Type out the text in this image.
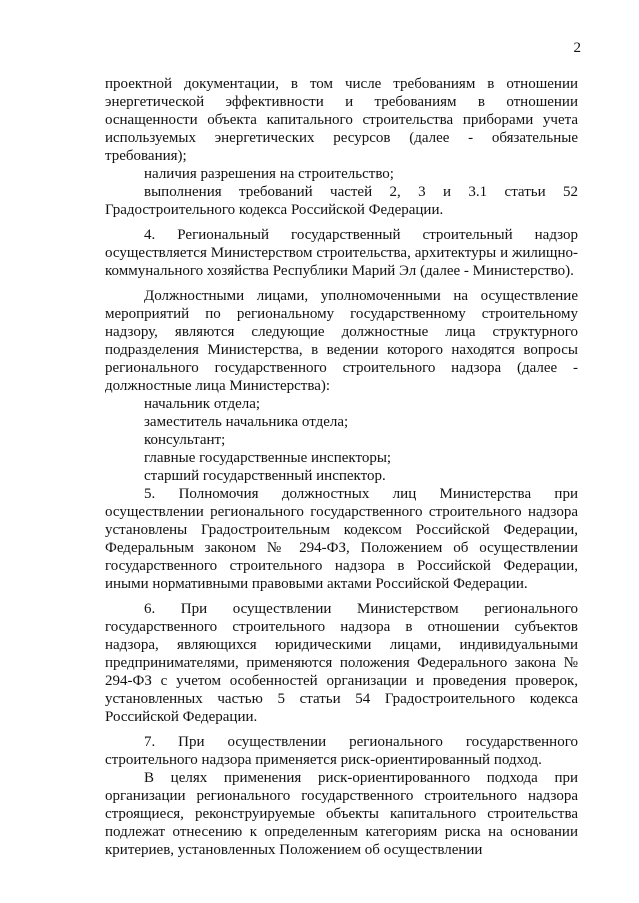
2

проектной документации, в том числе требованиям в отношении энергетической эффективности и требованиям в отношении оснащенности объекта капитального строительства приборами учета используемых энергетических ресурсов (далее - обязательные требования);

наличия разрешения на строительство;

выполнения требований частей 2, 3 и 3.1 статьи 52 Градостроительного кодекса Российской Федерации.

4. Региональный государственный строительный надзор осуществляется Министерством строительства, архитектуры и жилищно-коммунального хозяйства Республики Марий Эл (далее - Министерство).

Должностными лицами, уполномоченными на осуществление мероприятий по региональному государственному строительному надзору, являются следующие должностные лица структурного подразделения Министерства, в ведении которого находятся вопросы регионального государственного строительного надзора (далее - должностные лица Министерства):

начальник отдела;

заместитель начальника отдела;

консультант;

главные государственные инспекторы;

старший государственный инспектор.

5. Полномочия должностных лиц Министерства при осуществлении регионального государственного строительного надзора установлены Градостроительным кодексом Российской Федерации, Федеральным законом № 294-ФЗ, Положением об осуществлении государственного строительного надзора в Российской Федерации, иными нормативными правовыми актами Российской Федерации.

6. При осуществлении Министерством регионального государственного строительного надзора в отношении субъектов надзора, являющихся юридическими лицами, индивидуальными предпринимателями, применяются положения Федерального закона № 294-ФЗ с учетом особенностей организации и проведения проверок, установленных частью 5 статьи 54 Градостроительного кодекса Российской Федерации.

7. При осуществлении регионального государственного строительного надзора применяется риск-ориентированный подход.

В целях применения риск-ориентированного подхода при организации регионального государственного строительного надзора строящиеся, реконструируемые объекты капитального строительства подлежат отнесению к определенным категориям риска на основании критериев, установленных Положением об осуществлении
